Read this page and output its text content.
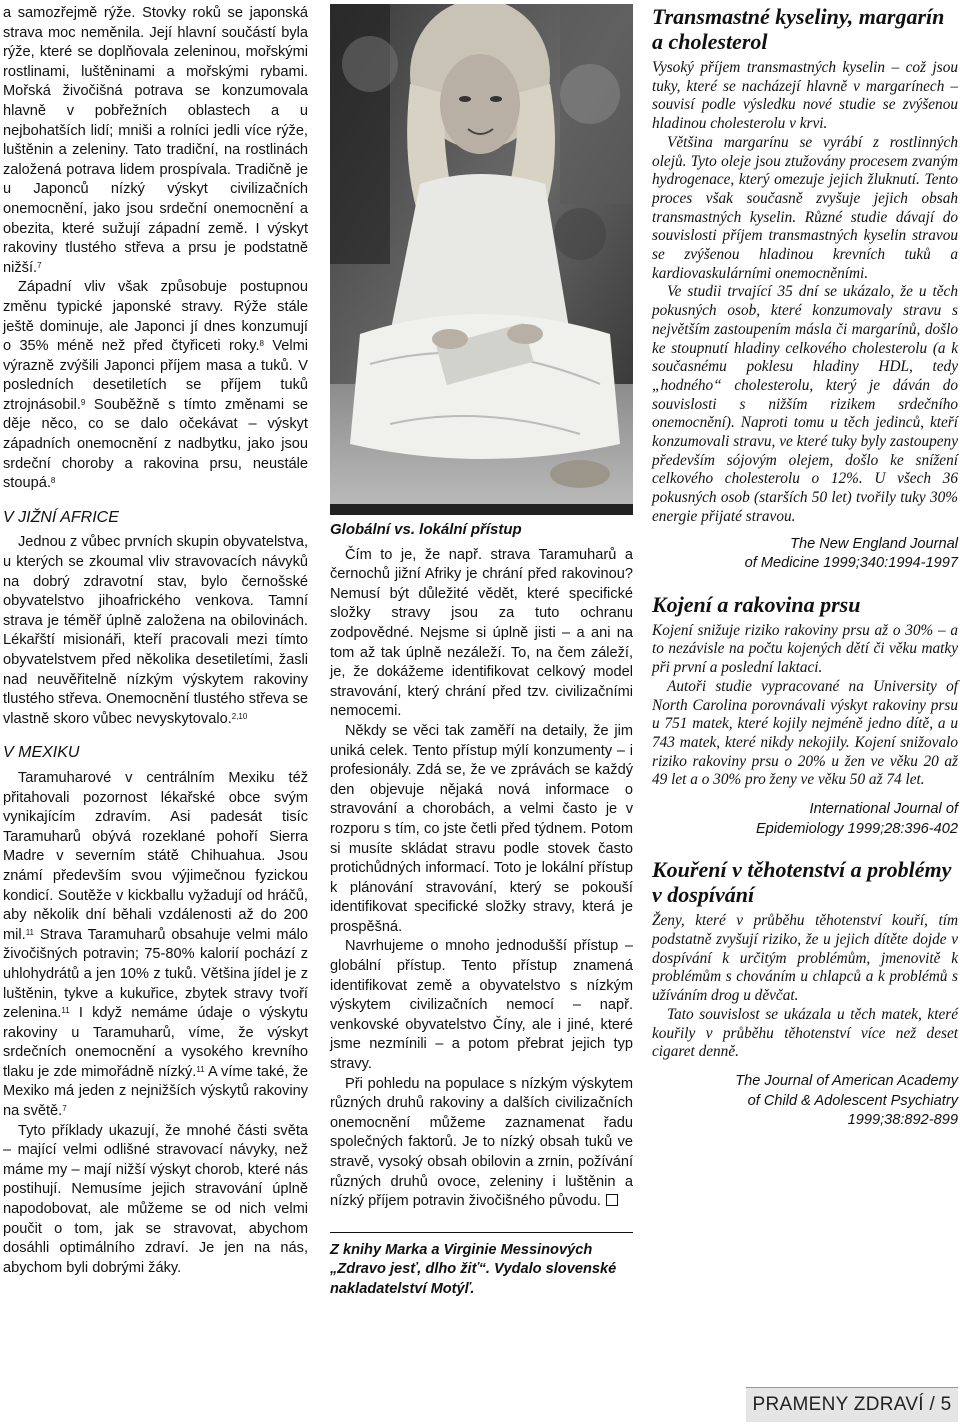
a samozřejmě rýže. Stovky roků se japonská strava moc neměnila. Její hlavní součástí byla rýže, které se doplňovala zeleninou, mořskými rostlinami, luštěninami a mořskými rybami. Mořská živočišná potrava se konzumovala hlavně v pobřežních oblastech a u nejbohatších lidí; mniši a rolníci jedli více rýže, luštěnin a zeleniny. Tato tradiční, na rostlinách založená potrava lidem prospívala. Tradičně je u Japonců nízký výskyt civilizačních onemocnění, jako jsou srdeční onemocnění a obezita, které sužují západní země. I výskyt rakoviny tlustého střeva a prsu je podstatně nižší.$^7$

Západní vliv však způsobuje postupnou změnu typické japonské stravy. Rýže stále ještě dominuje, ale Japonci jí dnes konzumují o 35% méně než před čtyřiceti roky.$^8$ Velmi výrazně zvýšili Japonci příjem masa a tuků. V posledních desetiletích se příjem tuků ztrojnásobil.$^9$ Souběžně s tímto změnami se děje něco, co se dalo očekávat – výskyt západních onemocnění z nadbytku, jako jsou srdeční choroby a rakovina prsu, neustále stoupá.$^8$

V JIŽNÍ AFRICE

Jednou z vůbec prvních skupin obyvatelstva, u kterých se zkoumal vliv stravovacích návyků na dobrý zdravotní stav, bylo černošské obyvatelstvo jihoafrického venkova. Tamní strava je téměř úplně založena na obilovinách. Lékařští misionáři, kteří pracovali mezi tímto obyvatelstvem před několika desetiletími, žasli nad neuvěřitelně nízkým výskytem rakoviny tlustého střeva. Onemocnění tlustého střeva se vlastně skoro vůbec nevyskytovalo.$^{2,10}$

V MEXIKU

Taramuharové v centrálním Mexiku též přitahovali pozornost lékařské obce svým vynikajícím zdravím. Asi padesát tisíc Taramuharů obývá rozeklané pohoří Sierra Madre v severním státě Chihuahua. Jsou známí především svou výjimečnou fyzickou kondicí. Soutěže v kickballu vyžadují od hráčů, aby několik dní běhali vzdálenosti až do 200 mil.$^{11}$ Strava Taramuharů obsahuje velmi málo živočišných potravin; 75-80% kalorií pochází z uhlohydrátů a jen 10% z tuků. Většina jídel je z luštěnin, tykve a kukuřice, zbytek stravy tvoří zelenina.$^{11}$ I když nemáme údaje o výskytu rakoviny u Taramuharů, víme, že výskyt srdečních onemocnění a vysokého krevního tlaku je zde mimořádně nízký.$^{11}$ A víme také, že Mexiko má jeden z nejnižších výskytů rakoviny na světě.$^7$

Tyto příklady ukazují, že mnohé části světa – mající velmi odlišné stravovací návyky, než máme my – mají nižší výskyt chorob, které nás postihují. Nemusíme jejich stravování úplně napodobovat, ale můžeme se od nich velmi poučit o tom, jak se stravovat, abychom dosáhli optimálního zdraví. Je jen na nás, abychom byli dobrými žáky.

Globální vs. lokální přístup

Čím to je, že např. strava Taramuharů a černochů jižní Afriky je chrání před rakovinou? Nemusí být důležité vědět, které specifické složky stravy jsou za tuto ochranu zodpovědné. Nejsme si úplně jisti – a ani na tom až tak úplně nezáleží. To, na čem záleží, je, že dokážeme identifikovat celkový model stravování, který chrání před tzv. civilizačními nemocemi.

Někdy se věci tak zaměří na detaily, že jim uniká celek. Tento přístup mýlí konzumenty – i profesionály. Zdá se, že ve zprávách se každý den objevuje nějaká nová informace o stravování a chorobách, a velmi často je v rozporu s tím, co jste četli před týdnem. Potom si musíte skládat stravu podle stovek často protichůdných informací. Toto je lokální přístup k plánování stravování, který se pokouší identifikovat specifické složky stravy, která je prospěšná.

Navrhujeme o mnoho jednodušší přístup – globální přístup. Tento přístup znamená identifikovat země a obyvatelstvo s nízkým výskytem civilizačních nemocí – např. venkovské obyvatelstvo Číny, ale i jiné, které jsme nezmínili – a potom přebrat jejich typ stravy.

Při pohledu na populace s nízkým výskytem různých druhů rakoviny a dalších civilizačních onemocnění můžeme zaznamenat řadu společných faktorů. Je to nízký obsah tuků ve stravě, vysoký obsah obilovin a zrnin, požívání různých druhů ovoce, zeleniny i luštěnin a nízký příjem potravin živočišného původu.

Z knihy Marka a Virginie Messinových „Zdravo jesť, dlho žiť“. Vydalo slovenské nakladatelství Motýľ.
Transmastné kyseliny, margarín a cholesterol

Vysoký příjem transmastných kyselin – což jsou tuky, které se nacházejí hlavně v margarínech – souvisí podle výsledku nové studie se zvýšenou hladinou cholesterolu v krvi.

Většina margarínu se vyrábí z rostlinných olejů. Tyto oleje jsou ztužovány procesem zvaným hydrogenace, který omezuje jejich žluknutí. Tento proces však současně zvyšuje jejich obsah transmastných kyselin. Různé studie dávají do souvislosti příjem transmastných kyselin stravou se zvýšenou hladinou krevních tuků a kardiovaskulárními onemocněními.

Ve studii trvající 35 dní se ukázalo, že u těch pokusných osob, které konzumovaly stravu s největším zastoupením másla či margarínů, došlo ke stoupnutí hladiny celkového cholesterolu (a k současnému poklesu hladiny HDL, tedy „hodného“ cholesterolu, který je dáván do souvislosti s nižším rizikem srdečního onemocnění). Naproti tomu u těch jedinců, kteří konzumovali stravu, ve které tuky byly zastoupeny především sójovým olejem, došlo ke snížení celkového cholesterolu o 12%. U všech 36 pokusných osob (starších 50 let) tvořily tuky 30% energie přijaté stravou.

The New England Journal
of Medicine 1999;340:1994-1997
Kojení a rakovina prsu

Kojení snižuje riziko rakoviny prsu až o 30% – a to nezávisle na počtu kojených dětí či věku matky při první a poslední laktaci.

Autoři studie vypracované na University of North Carolina porovnávali výskyt rakoviny prsu u 751 matek, které kojily nejméně jedno dítě, a u 743 matek, které nikdy nekojily. Kojení snižovalo riziko rakoviny prsu o 20% u žen ve věku 20 až 49 let a o 30% pro ženy ve věku 50 až 74 let.

International Journal of
Epidemiology 1999;28:396-402
Kouření v těhotenství a problémy v dospívání

Ženy, které v průběhu těhotenství kouří, tím podstatně zvyšují riziko, že u jejich dítěte dojde v dospívání k určitým problémům, jmenovitě k problémům s chováním u chlapců a k problémů s užíváním drog u děvčat.

Tato souvislost se ukázala u těch matek, které kouřily v průběhu těhotenství více než deset cigaret denně.

The Journal of American Academy
of Child & Adolescent Psychiatry
1999;38:892-899
PRAMENY ZDRAVÍ / 5
